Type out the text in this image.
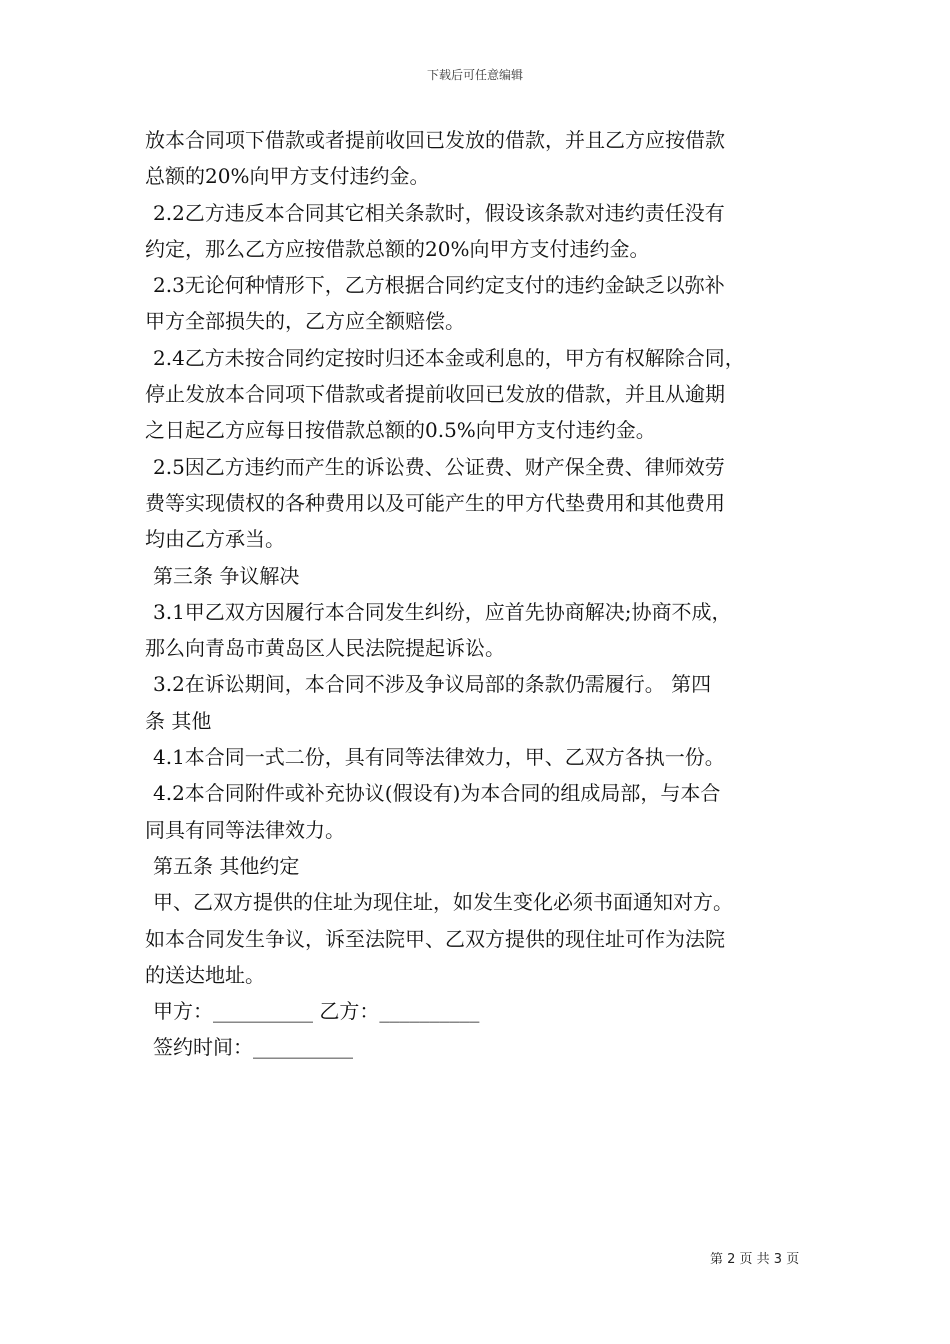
下载后可任意编辑
放本合同项下借款或者提前收回已发放的借款，并且乙方应按借款
总额的20%向甲方支付违约金。
2.2乙方违反本合同其它相关条款时，假设该条款对违约责任没有
约定，那么乙方应按借款总额的20%向甲方支付违约金。
2.3无论何种情形下，乙方根据合同约定支付的违约金缺乏以弥补
甲方全部损失的，乙方应全额赔偿。
2.4乙方未按合同约定按时归还本金或利息的，甲方有权解除合同，
停止发放本合同项下借款或者提前收回已发放的借款，并且从逾期
之日起乙方应每日按借款总额的0.5%向甲方支付违约金。
2.5因乙方违约而产生的诉讼费、公证费、财产保全费、律师效劳
费等实现债权的各种费用以及可能产生的甲方代垫费用和其他费用
均由乙方承当。
第三条 争议解决
3.1甲乙双方因履行本合同发生纠纷，应首先协商解决;协商不成，
那么向青岛市黄岛区人民法院提起诉讼。
3.2在诉讼期间，本合同不涉及争议局部的条款仍需履行。 第四
条 其他
4.1本合同一式二份，具有同等法律效力，甲、乙双方各执一份。
4.2本合同附件或补充协议(假设有)为本合同的组成局部，与本合
同具有同等法律效力。
第五条 其他约定
甲、乙双方提供的住址为现住址，如发生变化必须书面通知对方。
如本合同发生争议，诉至法院甲、乙双方提供的现住址可作为法院
的送达地址。
甲方：__________ 乙方：__________
签约时间：__________
第 2 页 共 3 页
